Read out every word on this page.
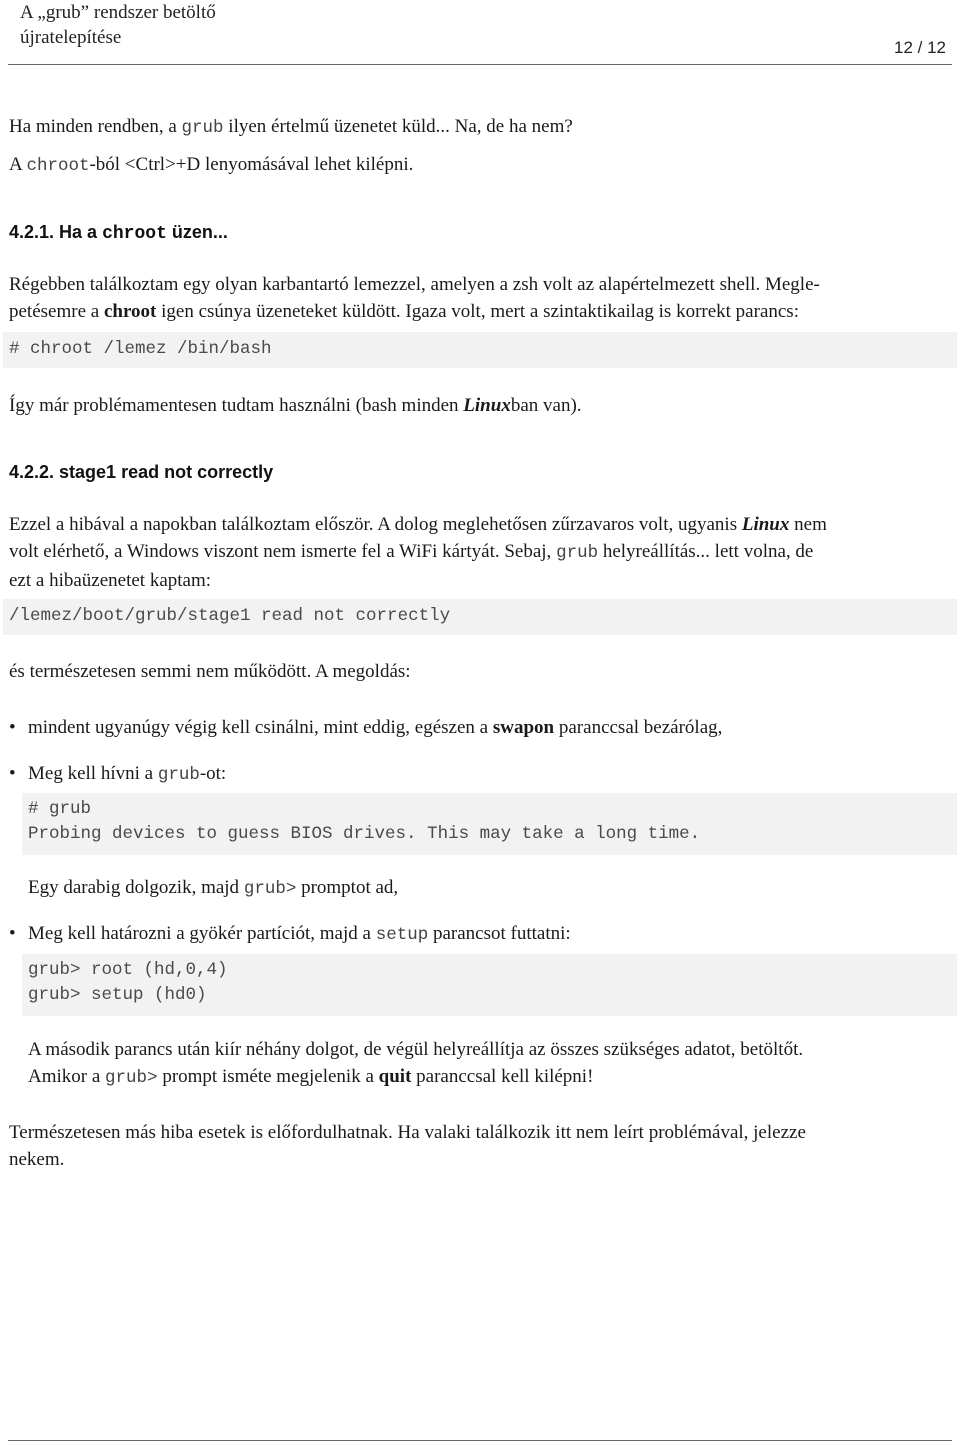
A „grub” rendszer betöltő
újratelepítése	12 / 12
Ha minden rendben, a grub ilyen értelmű üzenetet küld... Na, de ha nem?
A chroot-ból <Ctrl>+D lenyomásával lehet kilépni.
4.2.1. Ha a chroot üzen...
Régebben találkoztam egy olyan karbantartó lemezzel, amelyen a zsh volt az alapértelmezett shell. Megle-
petésemre a chroot igen csúnya üzeneteket küldött. Igaza volt, mert a szintaktikailag is korrekt parancs:
# chroot /lemez /bin/bash
Így már problémamentesen tudtam használni (bash minden Linuxban van).
4.2.2. stage1 read not correctly
Ezzel a hibával a napokban találkoztam először. A dolog meglehetősen zűrzavaros volt, ugyanis Linux nem
volt elérhető, a Windows viszont nem ismerte fel a WiFi kártyát. Sebaj, grub helyreállítás... lett volna, de
ezt a hibaüzenetet kaptam:
/lemez/boot/grub/stage1 read not correctly
és természetesen semmi nem működött. A megoldás:
• mindent ugyanúgy végig kell csinálni, mint eddig, egészen a swapon paranccsal bezárólag,
• Meg kell hívni a grub-ot:
# grub
Probing devices to guess BIOS drives. This may take a long time.
Egy darabig dolgozik, majd grub> promptot ad,
• Meg kell határozni a gyökér partíciót, majd a setup parancsot futtatni:
grub> root (hd,0,4)
grub> setup (hd0)
A második parancs után kiír néhány dolgot, de végül helyreállítja az összes szükséges adatot, betöltőt.
Amikor a grub> prompt isméte megjelenik a quit paranccsal kell kilépni!
Természetesen más hiba esetek is előfordulhatnak. Ha valaki találkozik itt nem leírt problémával, jelezze
nekem.
